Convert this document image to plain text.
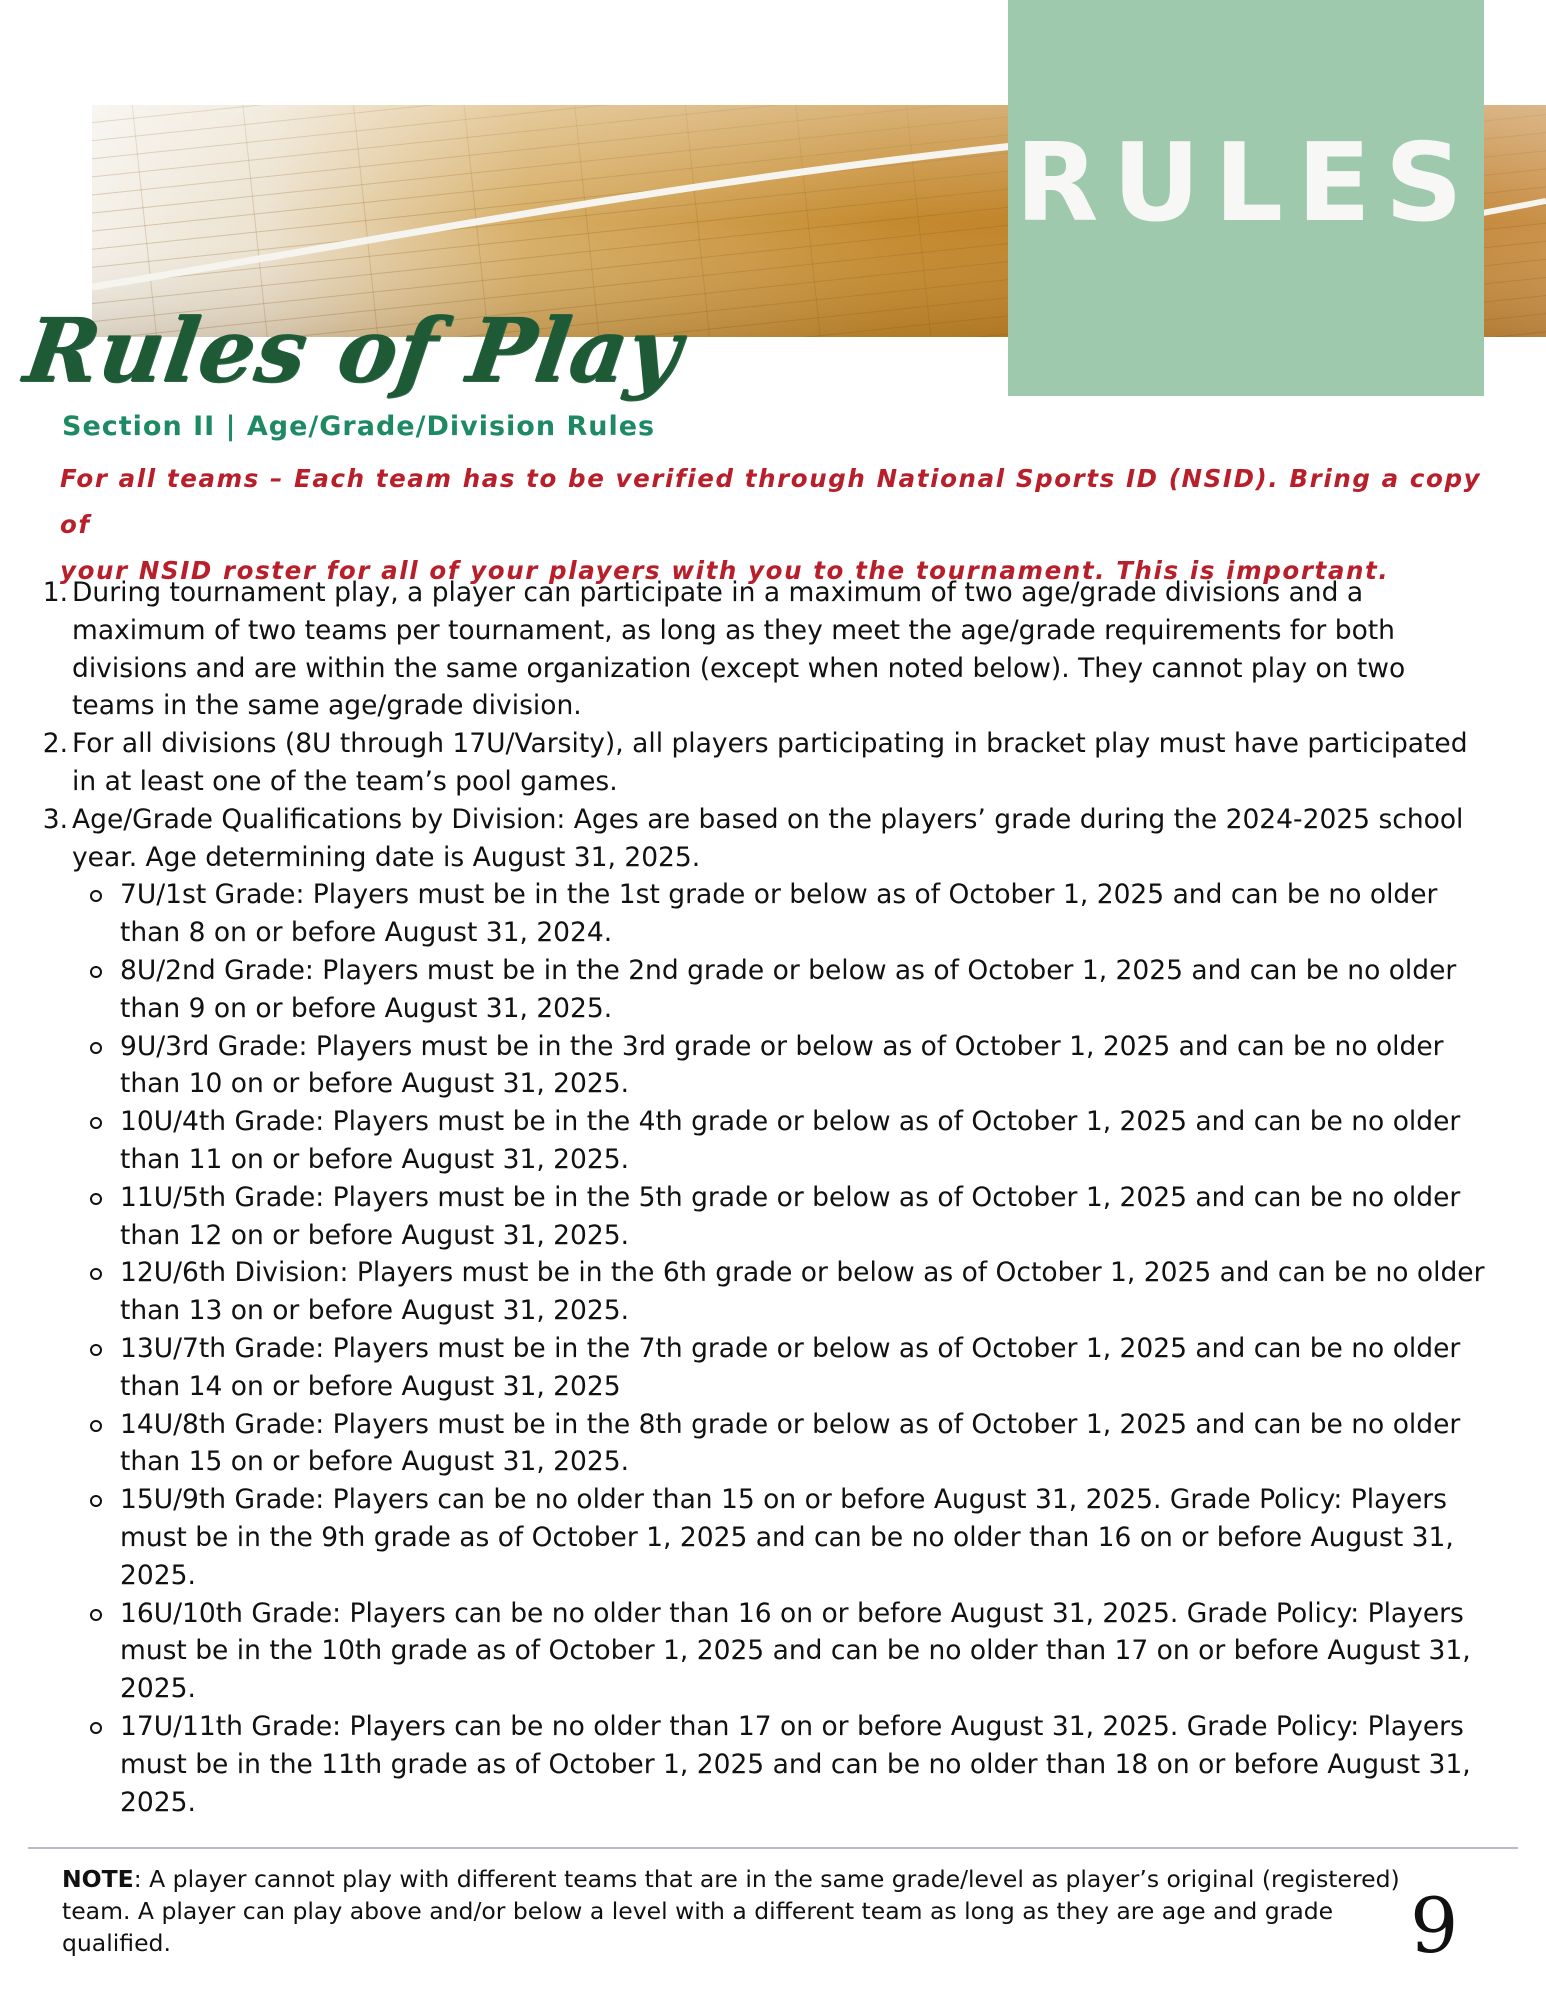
RULES
Rules of Play
Section II | Age/Grade/Division Rules

For all teams – Each team has to be verified through National Sports ID (NSID). Bring a copy of

your NSID roster for all of your players with you to the tournament. This is important.

1. During tournament play, a player can participate in a maximum of two age/grade divisions and a maximum of two teams per tournament, as long as they meet the age/grade requirements for both divisions and are within the same organization (except when noted below). They cannot play on two teams in the same age/grade division.
2. For all divisions (8U through 17U/Varsity), all players participating in bracket play must have participated in at least one of the team’s pool games.
3. Age/Grade Qualifications by Division: Ages are based on the players’ grade during the 2024-2025 school year. Age determining date is August 31, 2025.
7U/1st Grade: Players must be in the 1st grade or below as of October 1, 2025 and can be no older than 8 on or before August 31, 2024.
8U/2nd Grade: Players must be in the 2nd grade or below as of October 1, 2025 and can be no older than 9 on or before August 31, 2025.
9U/3rd Grade: Players must be in the 3rd grade or below as of October 1, 2025 and can be no older than 10 on or before August 31, 2025.
10U/4th Grade: Players must be in the 4th grade or below as of October 1, 2025 and can be no older than 11 on or before August 31, 2025.
11U/5th Grade: Players must be in the 5th grade or below as of October 1, 2025 and can be no older than 12 on or before August 31, 2025.
12U/6th Division: Players must be in the 6th grade or below as of October 1, 2025 and can be no older than 13 on or before August 31, 2025.
13U/7th Grade: Players must be in the 7th grade or below as of October 1, 2025 and can be no older than 14 on or before August 31, 2025
14U/8th Grade: Players must be in the 8th grade or below as of October 1, 2025 and can be no older than 15 on or before August 31, 2025.
15U/9th Grade: Players can be no older than 15 on or before August 31, 2025. Grade Policy: Players must be in the 9th grade as of October 1, 2025 and can be no older than 16 on or before August 31, 2025.
16U/10th Grade: Players can be no older than 16 on or before August 31, 2025. Grade Policy: Players must be in the 10th grade as of October 1, 2025 and can be no older than 17 on or before August 31, 2025.
17U/11th Grade: Players can be no older than 17 on or before August 31, 2025. Grade Policy: Players must be in the 11th grade as of October 1, 2025 and can be no older than 18 on or before August 31, 2025.
NOTE: A player cannot play with different teams that are in the same grade/level as player’s original (registered) team. A player can play above and/or below a level with a different team as long as they are age and grade qualified.	9
